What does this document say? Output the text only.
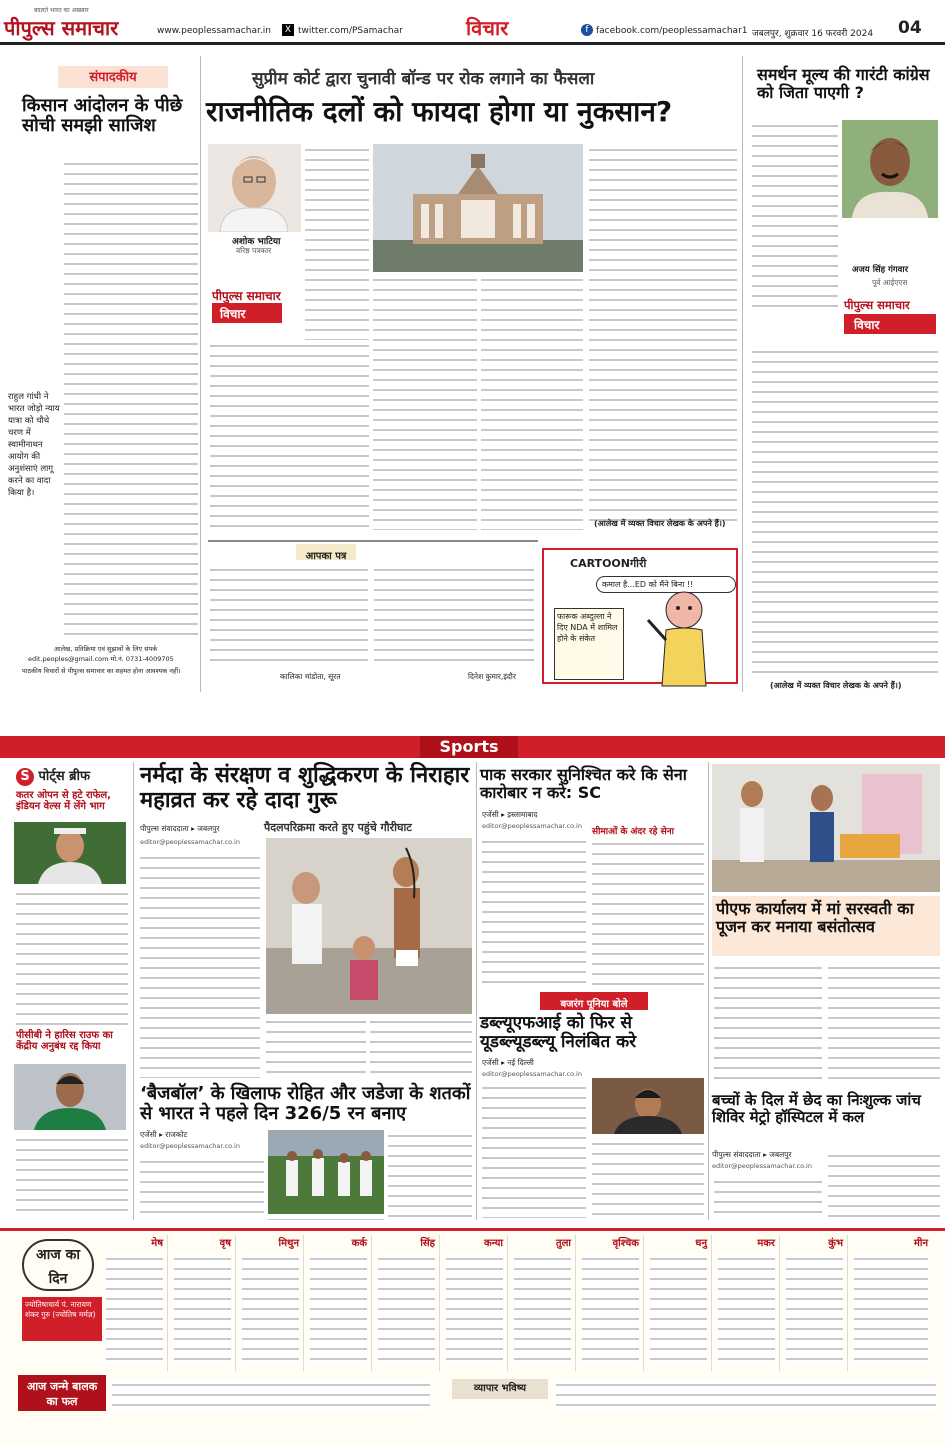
पीपुल्स समाचार
बदलते भारत का अखबार
www.peoplessamachar.in	X twitter.com/PSamachar	विचार	f facebook.com/peoplessamachar1 जबलपुर, शुक्रवार 16 फरवरी 2024 04
संपादकीय
किसान आंदोलन के पीछे सोची समझी साजिश
राहुल गांधी ने भारत जोड़ो न्याय यात्रा को चौथे चरण में स्वामीनाथन आयोग की अनुशंसाएं लागू करने का वादा किया है।
आलेख, प्रतिक्रिया एवं सुझावों के लिए संपर्क
edit.peoples@gmail.com मो.नं. 0731-4009705
पाठकीय विचारों से पीपुल्स समाचार का सहमत होना आवश्यक नहीं।
सुप्रीम कोर्ट द्वारा चुनावी बॉन्ड पर रोक लगाने का फैसला
राजनीतिक दलों को फायदा होगा या नुकसान?
अशोक भाटिया
वरिष्ठ पत्रकार
पीपुल्स समाचार
विचार
(आलेख में व्यक्त विचार लेखक के अपने हैं।)
समर्थन मूल्य की गारंटी कांग्रेस को जिता पाएगी ?
अजय सिंह गंगवार
पूर्व आईएएस
पीपुल्स समाचार
विचार
(आलेख में व्यक्त विचार लेखक के अपने हैं।)
आपका पत्र
कालिका मांडोता, सूरत	दिनेश कुमार,इंदौर
CARTOONगीरी
कमाल है...ED को मैंने बिना !!
फारूक अब्दुल्ला ने दिए NDA में शामिल होने के संकेत
Sports
S पोर्ट्स ब्रीफ
कतर ओपन से हटे राफेल, इंडियन वेल्स में लेंगे भाग
पीसीबी ने हारिस राउफ का केंद्रीय अनुबंध रद्द किया
नर्मदा के संरक्षण व शुद्धिकरण के निराहार महाव्रत कर रहे दादा गुरू
पीपुल्स संवाददाता ▸ जबलपुर	पैदलपरिक्रमा करते हुए पहुंचे गौरीघाट
editor@peoplessamachar.co.in
‘बैजबॉल’ के खिलाफ रोहित और जडेजा के शतकों से भारत ने पहले दिन 326/5 रन बनाए
एजेंसी ▸ राजकोट
editor@peoplessamachar.co.in
पाक सरकार सुनिश्चित करे कि सेना कारोबार न करे: SC
एजेंसी ▸ इस्लामाबाद
editor@peoplessamachar.co.in
सीमाओं के अंदर रहे सेना
बजरंग पूनिया बोले
डब्ल्यूएफआई को फिर से यूडब्ल्यूडब्ल्यू निलंबित करे
एजेंसी ▸ नई दिल्ली
editor@peoplessamachar.co.in
पीएफ कार्यालय में मां सरस्वती का पूजन कर मनाया बसंतोत्सव
बच्चों के दिल में छेद का निःशुल्क जांच शिविर मेट्रो हॉस्पिटल में कल
पीपुल्स संवाददाता ▸ जबलपुर
editor@peoplessamachar.co.in
आज का दिन
ज्योतिषाचार्य पं. नारायण शंकर गुरु (ज्योतिष मर्मज्ञ)
आज जन्मे बालक का फल
व्यापार भविष्य
मेष	वृष	मिथुन	कर्क	सिंह	कन्या	तुला	वृश्चिक	धनु	मकर	कुंभ	मीन
